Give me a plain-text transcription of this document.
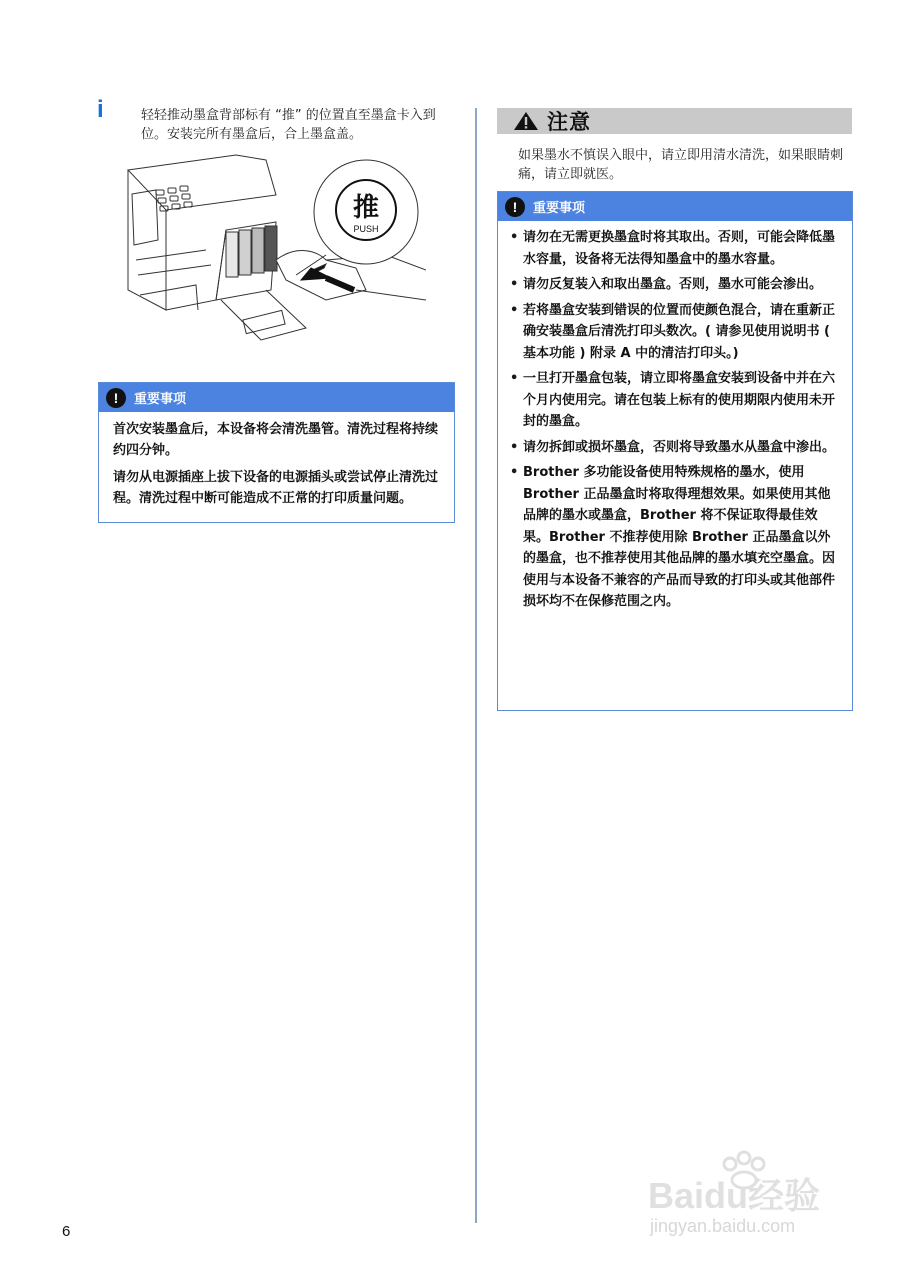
i	轻轻推动墨盒背部标有 “推” 的位置直至墨盒卡入到位。安装完所有墨盒后，合上墨盒盖。
推
PUSH
!	重要事项

首次安装墨盒后，本设备将会清洗墨管。清洗过程将持续约四分钟。

请勿从电源插座上拔下设备的电源插头或尝试停止清洗过程。清洗过程中断可能造成不正常的打印质量问题。

注意
如果墨水不慎误入眼中，请立即用清水清洗，如果眼睛刺痛，请立即就医。
!	重要事项
• 请勿在无需更换墨盒时将其取出。否则，可能会降低墨水容量，设备将无法得知墨盒中的墨水容量。
• 请勿反复装入和取出墨盒。否则，墨水可能会渗出。
• 若将墨盒安装到错误的位置而使颜色混合，请在重新正确安装墨盒后清洗打印头数次。( 请参见使用说明书 ( 基本功能 ) 附录 A 中的清洁打印头。)
• 一旦打开墨盒包装，请立即将墨盒安装到设备中并在六个月内使用完。请在包装上标有的使用期限内使用未开封的墨盒。
• 请勿拆卸或损坏墨盒，否则将导致墨水从墨盒中渗出。
• Brother 多功能设备使用特殊规格的墨水，使用 Brother 正品墨盒时将取得理想效果。如果使用其他品牌的墨水或墨盒，Brother 将不保证取得最佳效果。Brother 不推荐使用除 Brother 正品墨盒以外的墨盒，也不推荐使用其他品牌的墨水填充空墨盒。因使用与本设备不兼容的产品而导致的打印头或其他部件损坏均不在保修范围之内。
6
Baidu经验
jingyan.baidu.com
